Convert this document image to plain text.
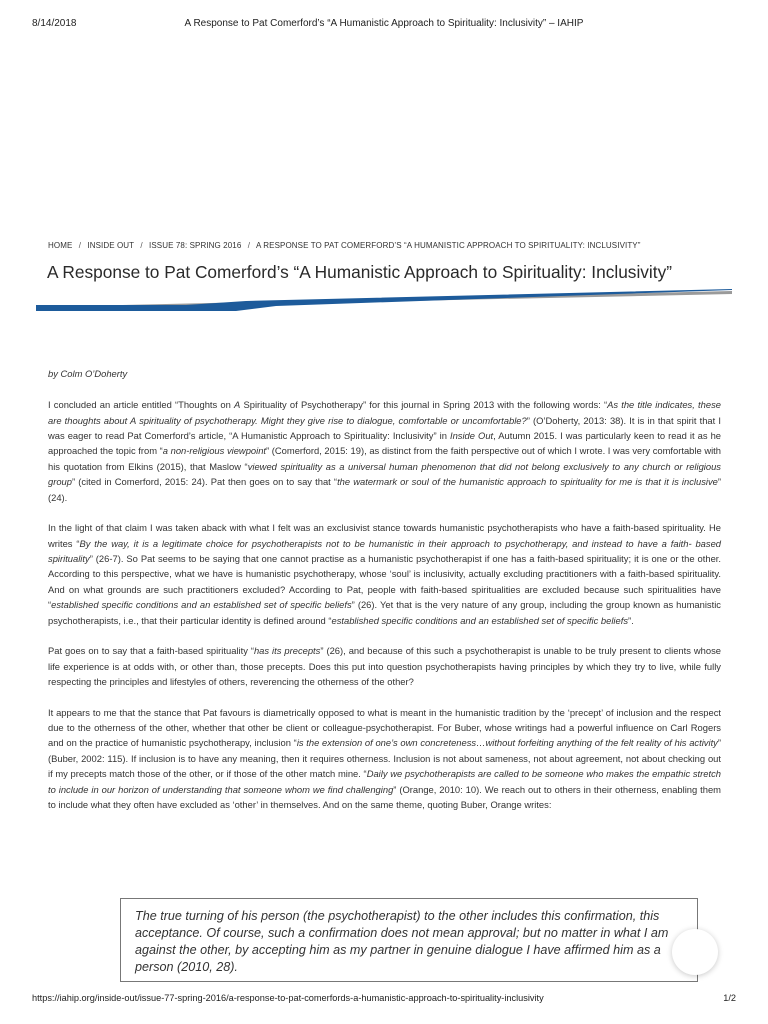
8/14/2018	A Response to Pat Comerford’s “A Humanistic Approach to Spirituality: Inclusivity” – IAHIP
HOME / INSIDE OUT / ISSUE 78: SPRING 2016 / A RESPONSE TO PAT COMERFORD’S “A HUMANISTIC APPROACH TO SPIRITUALITY: INCLUSIVITY”
A Response to Pat Comerford’s “A Humanistic Approach to Spirituality: Inclusivity”

by Colm O’Doherty

I concluded an article entitled “Thoughts on A Spirituality of Psychotherapy” for this journal in Spring 2013 with the following words: “As the title indicates, these are thoughts about A spirituality of psychotherapy. Might they give rise to dialogue, comfortable or uncomfortable?” (O’Doherty, 2013: 38). It is in that spirit that I was eager to read Pat Comerford’s article, “A Humanistic Approach to Spirituality: Inclusivity” in Inside Out, Autumn 2015. I was particularly keen to read it as he approached the topic from “a non-religious viewpoint” (Comerford, 2015: 19), as distinct from the faith perspective out of which I wrote. I was very comfortable with his quotation from Elkins (2015), that Maslow “viewed spirituality as a universal human phenomenon that did not belong exclusively to any church or religious group” (cited in Comerford, 2015: 24). Pat then goes on to say that “the watermark or soul of the humanistic approach to spirituality for me is that it is inclusive” (24).

In the light of that claim I was taken aback with what I felt was an exclusivist stance towards humanistic psychotherapists who have a faith-based spirituality. He writes “By the way, it is a legitimate choice for psychotherapists not to be humanistic in their approach to psychotherapy, and instead to have a faith- based spirituality” (26-7). So Pat seems to be saying that one cannot practise as a humanistic psychotherapist if one has a faith-based spirituality; it is one or the other. According to this perspective, what we have is humanistic psychotherapy, whose ‘soul’ is inclusivity, actually excluding practitioners with a faith-based spirituality. And on what grounds are such practitioners excluded? According to Pat, people with faith-based spiritualities are excluded because such spiritualities have “established specific conditions and an established set of specific beliefs” (26). Yet that is the very nature of any group, including the group known as humanistic psychotherapists, i.e., that their particular identity is defined around “established specific conditions and an established set of specific beliefs”.

Pat goes on to say that a faith-based spirituality “has its precepts” (26), and because of this such a psychotherapist is unable to be truly present to clients whose life experience is at odds with, or other than, those precepts. Does this put into question psychotherapists having principles by which they try to live, while fully respecting the principles and lifestyles of others, reverencing the otherness of the other?

It appears to me that the stance that Pat favours is diametrically opposed to what is meant in the humanistic tradition by the ‘precept’ of inclusion and the respect due to the otherness of the other, whether that other be client or colleague-psychotherapist. For Buber, whose writings had a powerful influence on Carl Rogers and on the practice of humanistic psychotherapy, inclusion “is the extension of one’s own concreteness…without forfeiting anything of the felt reality of his activity” (Buber, 2002: 115). If inclusion is to have any meaning, then it requires otherness. Inclusion is not about sameness, not about agreement, not about checking out if my precepts match those of the other, or if those of the other match mine. “Daily we psychotherapists are called to be someone who makes the empathic stretch to include in our horizon of understanding that someone whom we find challenging” (Orange, 2010: 10). We reach out to others in their otherness, enabling them to include what they often have excluded as ‘other’ in themselves. And on the same theme, quoting Buber, Orange writes:

The true turning of his person (the psychotherapist) to the other includes this confirmation, this acceptance. Of course, such a confirmation does not mean approval; but no matter in what I am against the other, by accepting him as my partner in genuine dialogue I have affirmed him as a person (2010, 28).
https://iahip.org/inside-out/issue-77-spring-2016/a-response-to-pat-comerfords-a-humanistic-approach-to-spirituality-inclusivity	1/2
